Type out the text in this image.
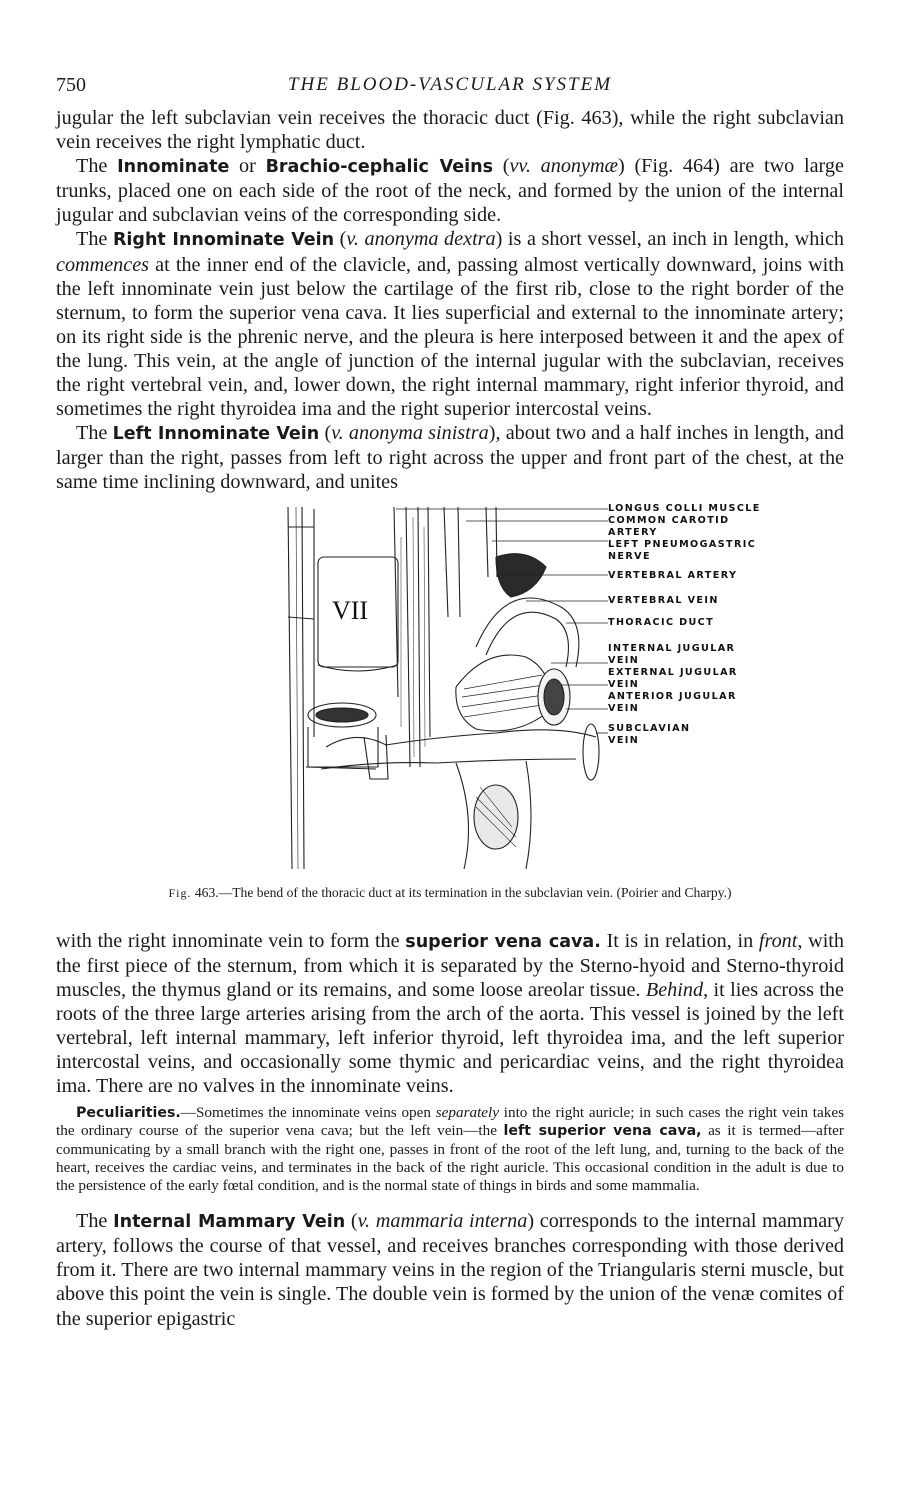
750	THE BLOOD-VASCULAR SYSTEM

jugular the left subclavian vein receives the thoracic duct (Fig. 463), while the right subclavian vein receives the right lymphatic duct.

The Innominate or Brachio-cephalic Veins (vv. anonymæ) (Fig. 464) are two large trunks, placed one on each side of the root of the neck, and formed by the union of the internal jugular and subclavian veins of the corresponding side.

The Right Innominate Vein (v. anonyma dextra) is a short vessel, an inch in length, which commences at the inner end of the clavicle, and, passing almost vertically downward, joins with the left innominate vein just below the cartilage of the first rib, close to the right border of the sternum, to form the superior vena cava. It lies superficial and external to the innominate artery; on its right side is the phrenic nerve, and the pleura is here interposed between it and the apex of the lung. This vein, at the angle of junction of the internal jugular with the subclavian, receives the right vertebral vein, and, lower down, the right internal mammary, right inferior thyroid, and sometimes the right thyroidea ima and the right superior intercostal veins.

The Left Innominate Vein (v. anonyma sinistra), about two and a half inches in length, and larger than the right, passes from left to right across the upper and front part of the chest, at the same time inclining downward, and unites

VII
LONGUS COLLI MUSCLE
COMMON CAROTID
ARTERY
LEFT PNEUMOGASTRIC
NERVE
VERTEBRAL ARTERY
VERTEBRAL VEIN
THORACIC DUCT
INTERNAL JUGULAR
VEIN
EXTERNAL JUGULAR
VEIN
ANTERIOR JUGULAR
VEIN
SUBCLAVIAN
VEIN
Fig. 463.—The bend of the thoracic duct at its termination in the subclavian vein. (Poirier and Charpy.)

with the right innominate vein to form the superior vena cava. It is in relation, in front, with the first piece of the sternum, from which it is separated by the Sterno-hyoid and Sterno-thyroid muscles, the thymus gland or its remains, and some loose areolar tissue. Behind, it lies across the roots of the three large arteries arising from the arch of the aorta. This vessel is joined by the left vertebral, left internal mammary, left inferior thyroid, left thyroidea ima, and the left superior intercostal veins, and occasionally some thymic and pericardiac veins, and the right thyroidea ima. There are no valves in the innominate veins.

Peculiarities.—Sometimes the innominate veins open separately into the right auricle; in such cases the right vein takes the ordinary course of the superior vena cava; but the left vein—the left superior vena cava, as it is termed—after communicating by a small branch with the right one, passes in front of the root of the left lung, and, turning to the back of the heart, receives the cardiac veins, and terminates in the back of the right auricle. This occasional condition in the adult is due to the persistence of the early fœtal condition, and is the normal state of things in birds and some mammalia.

The Internal Mammary Vein (v. mammaria interna) corresponds to the internal mammary artery, follows the course of that vessel, and receives branches corresponding with those derived from it. There are two internal mammary veins in the region of the Triangularis sterni muscle, but above this point the vein is single. The double vein is formed by the union of the venæ comites of the superior epigastric
